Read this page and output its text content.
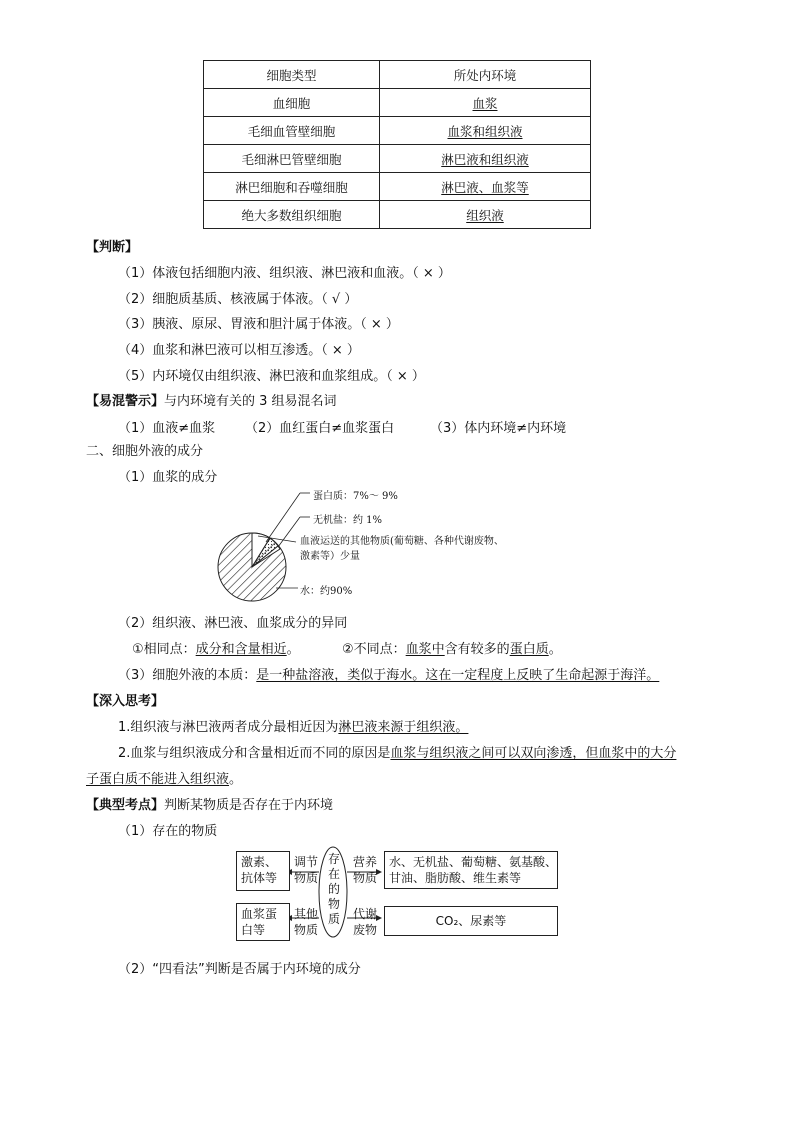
细胞类型	所处内环境
血细胞	血浆
毛细血管壁细胞	血浆和组织液
毛细淋巴管壁细胞	淋巴液和组织液
淋巴细胞和吞噬细胞	淋巴液、血浆等
绝大多数组织细胞	组织液
【判断】
（1）体液包括细胞内液、组织液、淋巴液和血液。（ × ）
（2）细胞质基质、核液属于体液。（ √ ）
（3）胰液、原尿、胃液和胆汁属于体液。（ × ）
（4）血浆和淋巴液可以相互渗透。（ × ）
（5）内环境仅由组织液、淋巴液和血浆组成。（ × ）
【易混警示】与内环境有关的 3 组易混名词
（1）血液≠血浆 （2）血红蛋白≠血浆蛋白	（3）体内环境≠内环境
二、细胞外液的成分
（1）血浆的成分
蛋白质：7%～ 9%
无机盐：约 1%
血液运送的其他物质(葡萄糖、各种代谢废物、
激素等）少量
水：约90%
（2）组织液、淋巴液、血浆成分的异同
①相同点：成分和含量相近。	②不同点：血浆中含有较多的蛋白质。
（3）细胞外液的本质：是一种盐溶液，类似于海水。这在一定程度上反映了生命起源于海洋。
【深入思考】
1.组织液与淋巴液两者成分最相近因为淋巴液来源于组织液。
2.血浆与组织液成分和含量相近而不同的原因是血浆与组织液之间可以双向渗透，但血浆中的大分
子蛋白质不能进入组织液。
【典型考点】判断某物质是否存在于内环境
（1）存在的物质
存
在
的
物
质
激素、
抗体等
调节
物质
血浆蛋
白等
其他
物质
营养
物质
水、无机盐、葡萄糖、氨基酸、
甘油、脂肪酸、维生素等
代谢
废物
CO₂、尿素等
（2）“四看法”判断是否属于内环境的成分
